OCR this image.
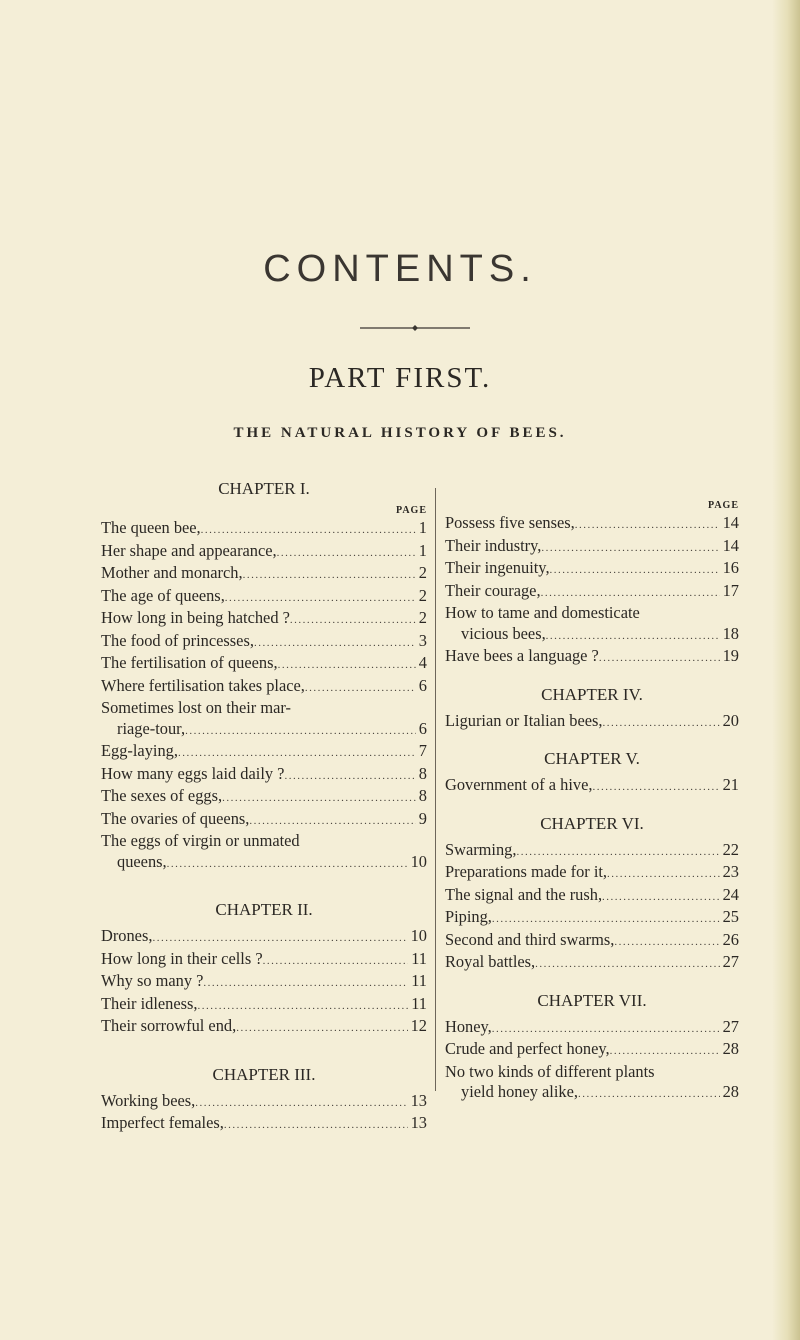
CONTENTS.
PART FIRST.
THE NATURAL HISTORY OF BEES.
CHAPTER I.
PAGE
The queen bee, .....	1
Her shape and appearance, .....	1
Mother and monarch, .....	2
The age of queens, .....	2
How long in being hatched ? .....	2
The food of princesses, .....	3
The fertilisation of queens, .....	4
Where fertilisation takes place, .....	6
Sometimes lost on their mar-
riage-tour, .....	6
Egg-laying, .....	7
How many eggs laid daily ? .....	8
The sexes of eggs, .....	8
The ovaries of queens, .....	9
The eggs of virgin or unmated
queens, .....	10
CHAPTER II.
Drones, .....	10
How long in their cells ? .....	11
Why so many ? .....	11
Their idleness, .....	11
Their sorrowful end, .....	12
CHAPTER III.
Working bees, .....	13
Imperfect females, .....	13
PAGE
Possess five senses, .....	14
Their industry, .....	14
Their ingenuity, .....	16
Their courage, .....	17
How to tame and domesticate
vicious bees, .....	18
Have bees a language ? .....	19
CHAPTER IV.
Ligurian or Italian bees, .....	20
CHAPTER V.
Government of a hive, .....	21
CHAPTER VI.
Swarming, .....	22
Preparations made for it, .....	23
The signal and the rush, .....	24
Piping, .....	25
Second and third swarms, .....	26
Royal battles, .....	27
CHAPTER VII.
Honey, .....	27
Crude and perfect honey, .....	28
No two kinds of different plants
yield honey alike, .....	28
